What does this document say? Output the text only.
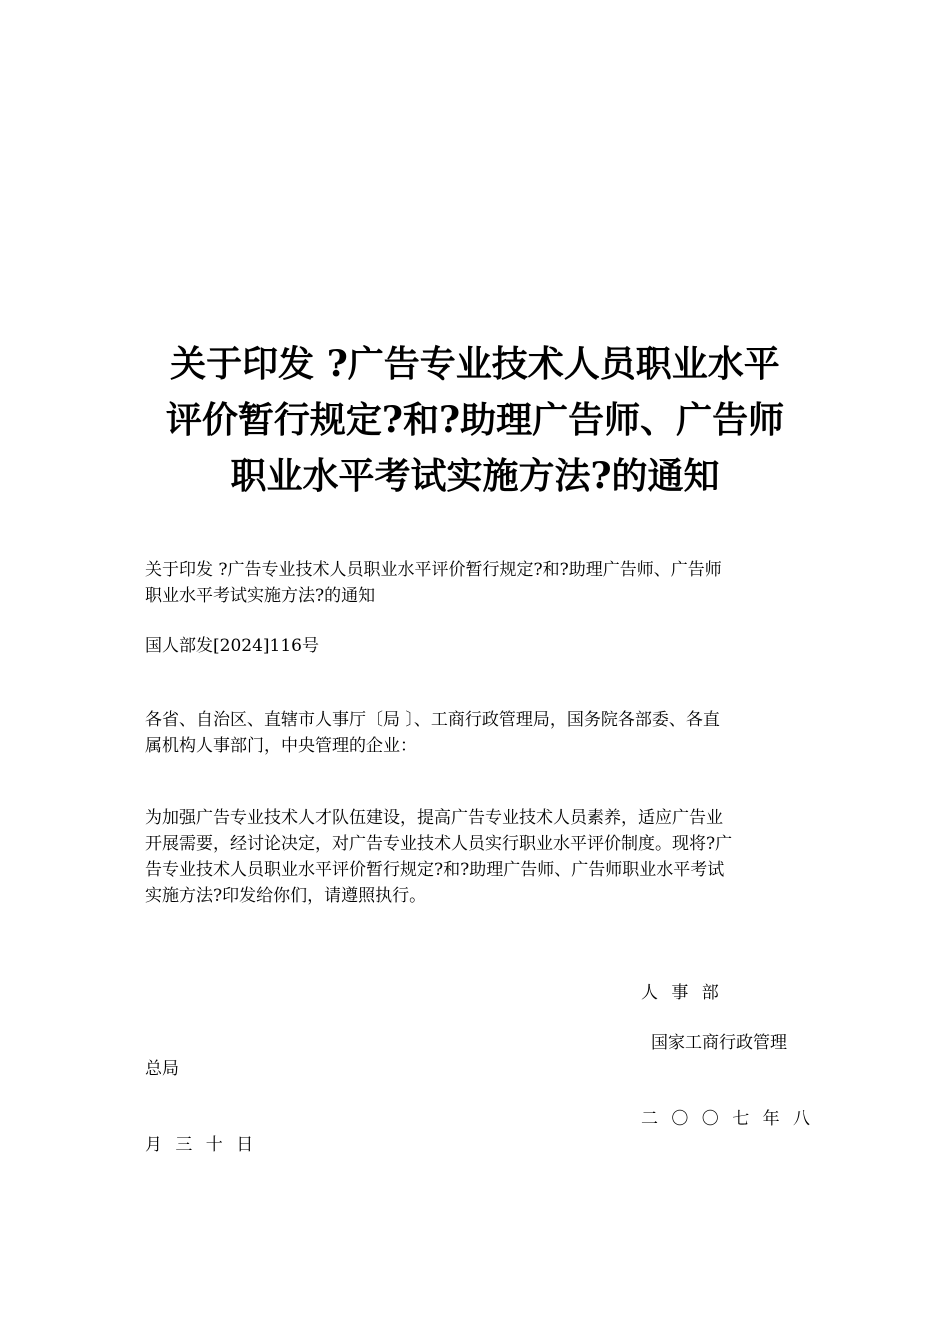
关于印发 ?广告专业技术人员职业水平
评价暂行规定?和?助理广告师、广告师
职业水平考试实施方法?的通知

关于印发 ?广告专业技术人员职业水平评价暂行规定?和?助理广告师、广告师
职业水平考试实施方法?的通知

国人部发[2024]116号

各省、自治区、直辖市人事厅〔局 〕、工商行政管理局，国务院各部委、各直
属机构人事部门，中央管理的企业：

为加强广告专业技术人才队伍建设，提高广告专业技术人员素养，适应广告业
开展需要，经讨论决定，对广告专业技术人员实行职业水平评价制度。现将?广
告专业技术人员职业水平评价暂行规定?和?助理广告师、广告师职业水平考试
实施方法?印发给你们，请遵照执行。

人 事 部
国家工商行政管理
总局
二 〇 〇 七 年 八
月 三 十 日
